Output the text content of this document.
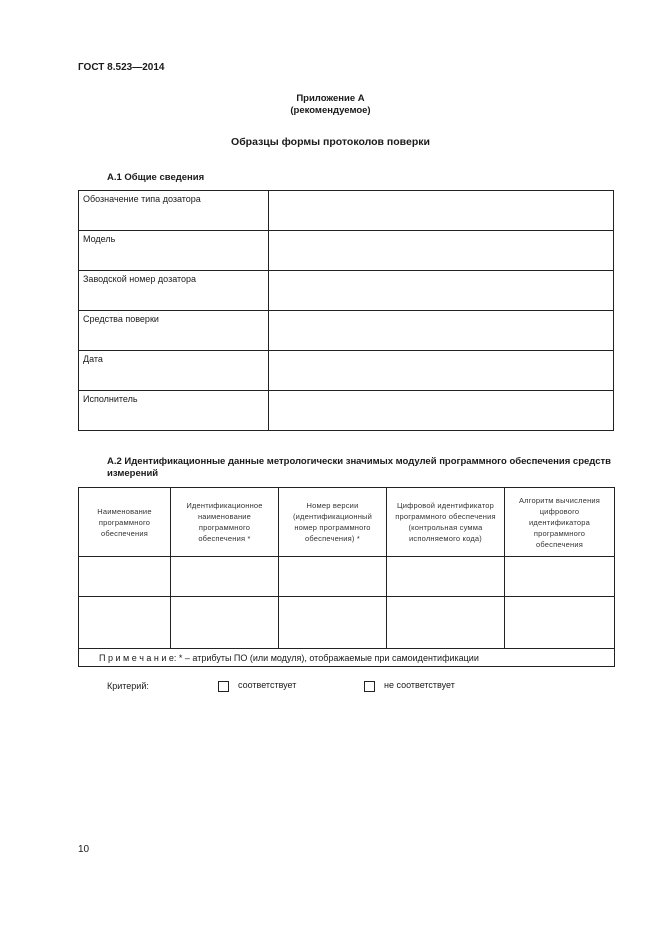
ГОСТ 8.523—2014
Приложение А
(рекомендуемое)
Образцы формы протоколов поверки
А.1 Общие сведения
Обозначение типа дозатора	
Модель	
Заводской номер дозатора	
Средства поверки	
Дата	
Исполнитель	
А.2 Идентификационные данные метрологически значимых модулей программного обеспечения средств измерений
Наименование программного обеспечения	Идентификационное наименование программного обеспечения *	Номер версии (идентификационный номер программного обеспечения) *	Цифровой идентификатор программного обеспечения (контрольная сумма исполняемого кода)	Алгоритм вычисления цифрового идентификатора программного обеспечения

П р и м е ч а н и е: * – атрибуты ПО (или модуля), отображаемые при самоидентификации				
Критерий:	соответствует	не соответствует
10
